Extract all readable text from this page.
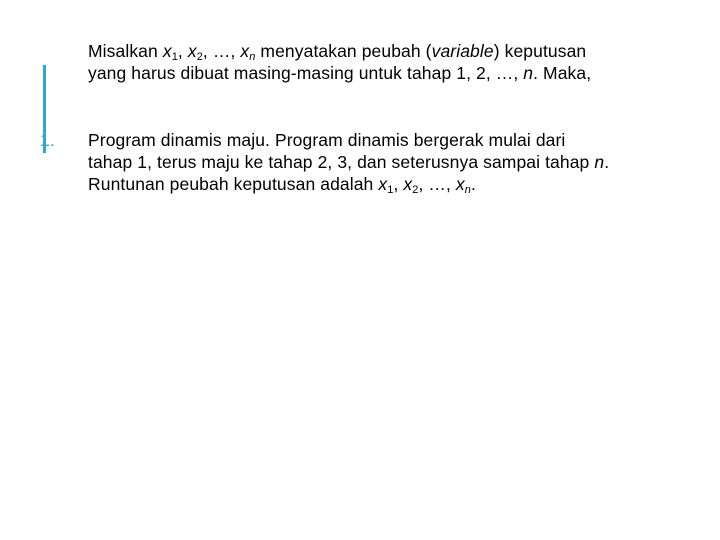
Misalkan $x_1$, $x_2$, …, $x_n$ menyatakan peubah (variable) keputusan
yang harus dibuat masing-masing untuk tahap 1, 2, …, n. Maka,
1. Program dinamis maju. Program dinamis bergerak mulai dari
tahap 1, terus maju ke tahap 2, 3, dan seterusnya sampai tahap n.
Runtunan peubah keputusan adalah $x_1$, $x_2$, …, $x_n$.
